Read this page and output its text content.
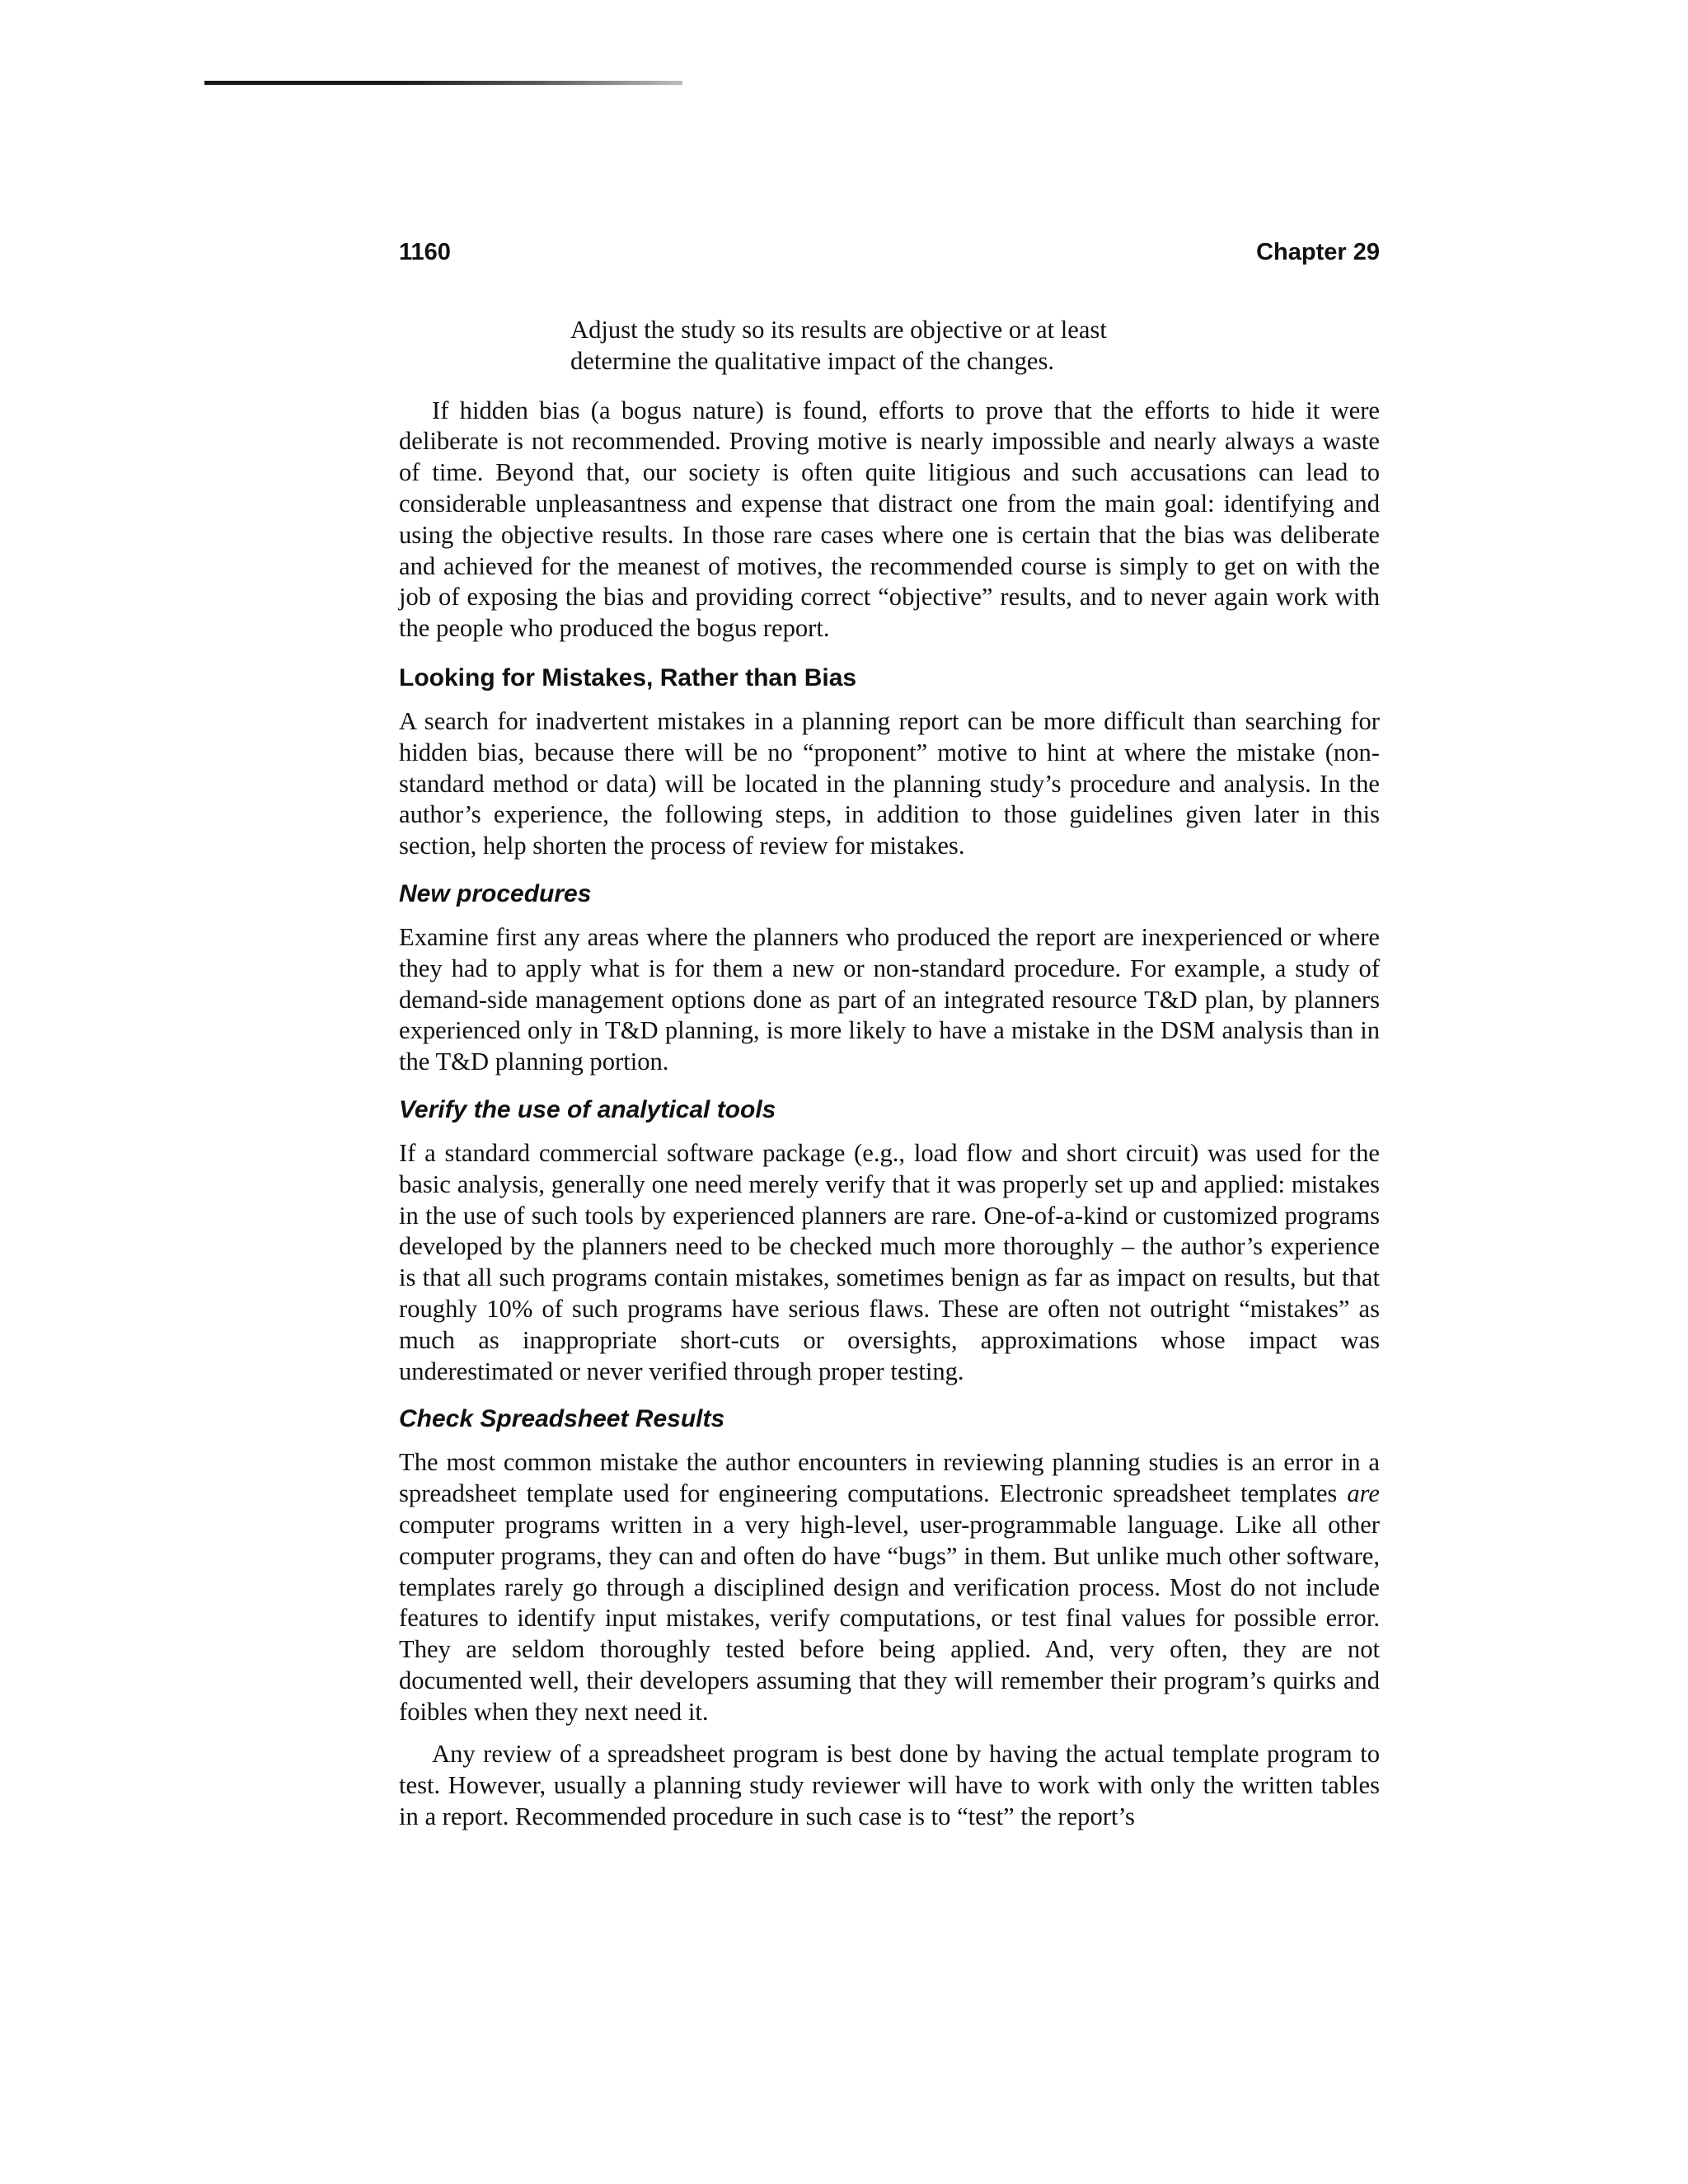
1160	Chapter 29

Adjust the study so its results are objective or at least determine the qualitative impact of the changes.

If hidden bias (a bogus nature) is found, efforts to prove that the efforts to hide it were deliberate is not recommended. Proving motive is nearly impossible and nearly always a waste of time. Beyond that, our society is often quite litigious and such accusations can lead to considerable unpleasantness and expense that distract one from the main goal: identifying and using the objective results. In those rare cases where one is certain that the bias was deliberate and achieved for the meanest of motives, the recommended course is simply to get on with the job of exposing the bias and providing correct “objective” results, and to never again work with the people who produced the bogus report.

Looking for Mistakes, Rather than Bias

A search for inadvertent mistakes in a planning report can be more difficult than searching for hidden bias, because there will be no “proponent” motive to hint at where the mistake (non-standard method or data) will be located in the planning study’s procedure and analysis. In the author’s experience, the following steps, in addition to those guidelines given later in this section, help shorten the process of review for mistakes.

New procedures

Examine first any areas where the planners who produced the report are inexperienced or where they had to apply what is for them a new or non-standard procedure. For example, a study of demand-side management options done as part of an integrated resource T&D plan, by planners experienced only in T&D planning, is more likely to have a mistake in the DSM analysis than in the T&D planning portion.

Verify the use of analytical tools

If a standard commercial software package (e.g., load flow and short circuit) was used for the basic analysis, generally one need merely verify that it was properly set up and applied: mistakes in the use of such tools by experienced planners are rare. One-of-a-kind or customized programs developed by the planners need to be checked much more thoroughly – the author’s experience is that all such programs contain mistakes, sometimes benign as far as impact on results, but that roughly 10% of such programs have serious flaws. These are often not outright “mistakes” as much as inappropriate short-cuts or oversights, approximations whose impact was underestimated or never verified through proper testing.

Check Spreadsheet Results

The most common mistake the author encounters in reviewing planning studies is an error in a spreadsheet template used for engineering computations. Electronic spreadsheet templates are computer programs written in a very high-level, user-programmable language. Like all other computer programs, they can and often do have “bugs” in them. But unlike much other software, templates rarely go through a disciplined design and verification process. Most do not include features to identify input mistakes, verify computations, or test final values for possible error. They are seldom thoroughly tested before being applied. And, very often, they are not documented well, their developers assuming that they will remember their program’s quirks and foibles when they next need it.

Any review of a spreadsheet program is best done by having the actual template program to test. However, usually a planning study reviewer will have to work with only the written tables in a report. Recommended procedure in such case is to “test” the report’s
